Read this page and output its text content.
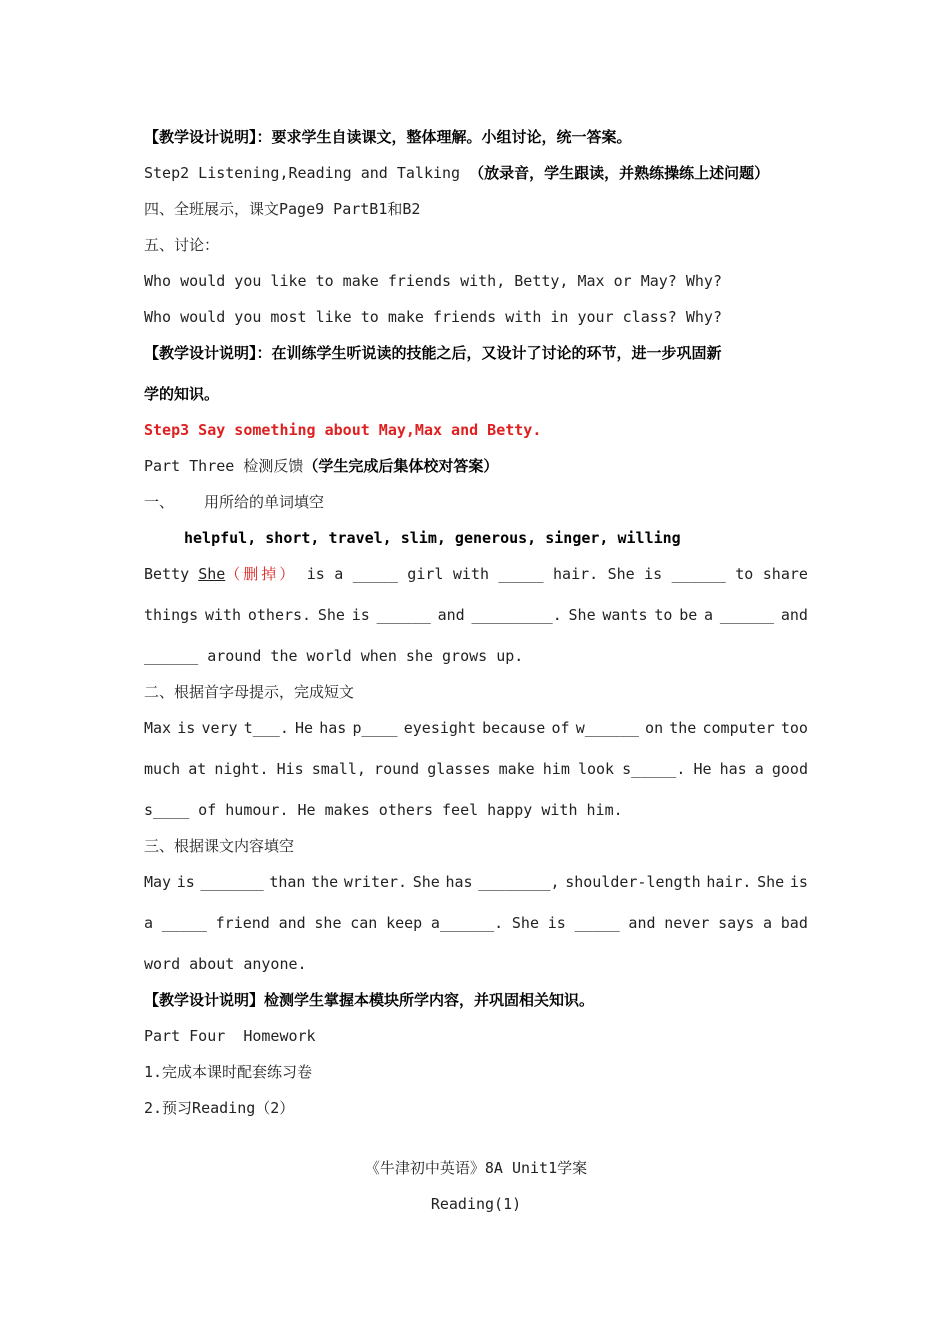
【教学设计说明】：要求学生自读课文，整体理解。小组讨论，统一答案。
Step2 Listening,Reading and Talking （放录音，学生跟读，并熟练操练上述问题）
四、全班展示，课文Page9 PartB1和B2
五、讨论：
Who would you like to make friends with, Betty, Max or May? Why?
Who would you most like to make friends with in your class? Why?
【教学设计说明】：在训练学生听说读的技能之后，又设计了讨论的环节，进一步巩固新
学的知识。
Step3 Say something about May,Max and Betty.
Part Three 检测反馈（学生完成后集体校对答案）
一、 用所给的单词填空
helpful, short, travel, slim, generous, singer, willing
Betty She（删掉） is a _____ girl with _____ hair. She is ______ to share
things with others. She is ______ and _________. She wants to be a ______ and
______ around the world when she grows up.
二、根据首字母提示，完成短文
Max is very t___. He has p____ eyesight because of w______ on the computer too
much at night. His small, round glasses make him look s_____. He has a good
s____ of humour. He makes others feel happy with him.
三、根据课文内容填空
May is _______ than the writer. She has ________, shoulder-length hair. She is
a _____ friend and she can keep a______. She is _____ and never says a bad
word about anyone.
【教学设计说明】检测学生掌握本模块所学内容，并巩固相关知识。
Part Four  Homework
1.完成本课时配套练习卷
2.预习Reading（2）
《牛津初中英语》8A Unit1学案
Reading(1)
